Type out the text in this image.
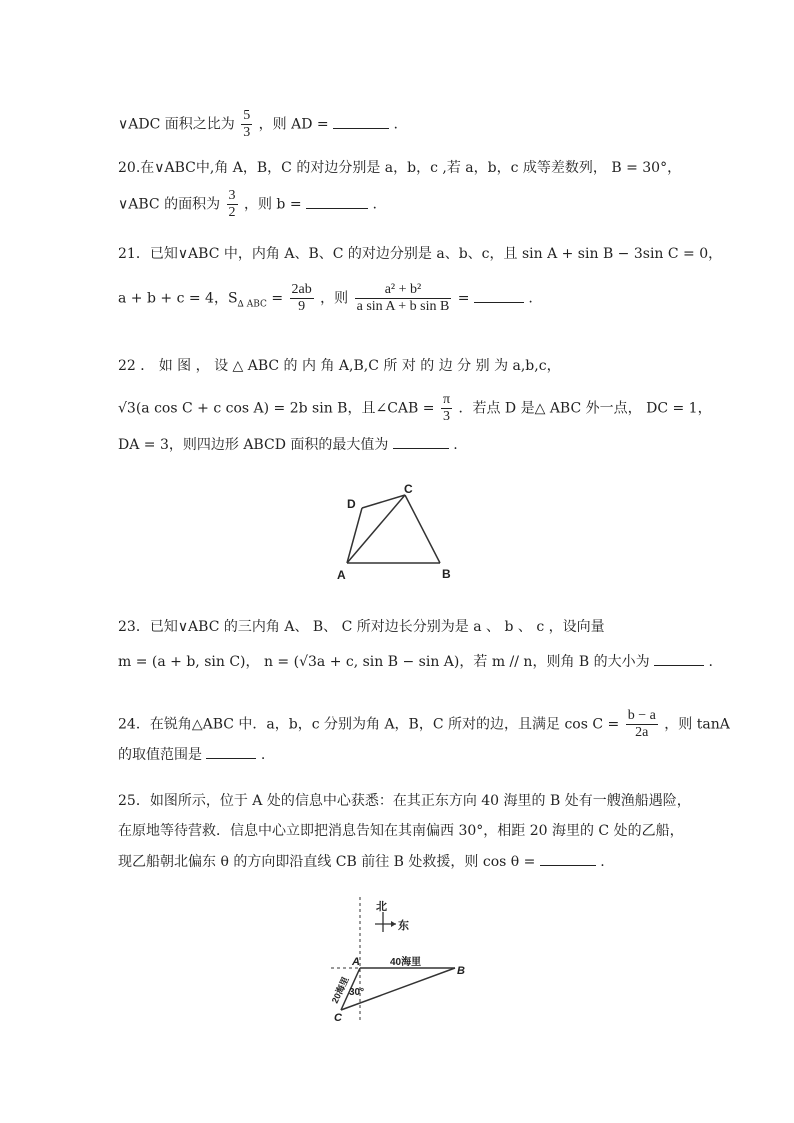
∨ADC 面积之比为 $\frac{5}{3}$ ，则 AD =	.
20.在∨ABC中,角 A，B，C 的对边分别是 a，b，c ,若 a，b，c 成等差数列， B = 30°，
∨ABC 的面积为 $\frac{3}{2}$ ，则 b =	.
21．已知∨ABC 中，内角 A、B、C 的对边分别是 a、b、c，且 sin A + sin B − 3sin C = 0，
a + b + c = 4，$S_{\Delta ABC} = \frac{2ab}{9}$ ，则 $\frac{\text{a² + b²}}{\text{a sin A + b sin B}}$ =	.
22 ． 如 图 ， 设 △ ABC 的 内 角 A,B,C 所 对 的 边 分 别 为 a,b,c，
√3(a cos C + c cos A) = 2b sin B，且∠CAB = $\frac{\pi}{3}$ ．若点 D 是△ ABC 外一点， DC = 1，
DA = 3，则四边形 ABCD 面积的最大值为	.
A	B
C
D
23．已知∨ABC 的三内角 A、 B、 C 所对边长分别为是 a 、 b 、 c ，设向量
m = (a + b, sin C)， n = (√3a + c, sin B − sin A)，若 m // n，则角 B 的大小为	.
24．在锐角△ABC 中．a，b，c 分别为角 A，B，C 所对的边，且满足 $\cos C = \frac{b - a}{2a}$ ，则 tanA
的取值范围是	.
25．如图所示，位于 A 处的信息中心获悉：在其正东方向 40 海里的 B 处有一艘渔船遇险，
在原地等待营救．信息中心立即把消息告知在其南偏西 30°，相距 20 海里的 C 处的乙船，
现乙船朝北偏东 θ 的方向即沿直线 CB 前往 B 处救援，则 cos θ =	.
北
东
A
B
C
40海里
20海里
30°
